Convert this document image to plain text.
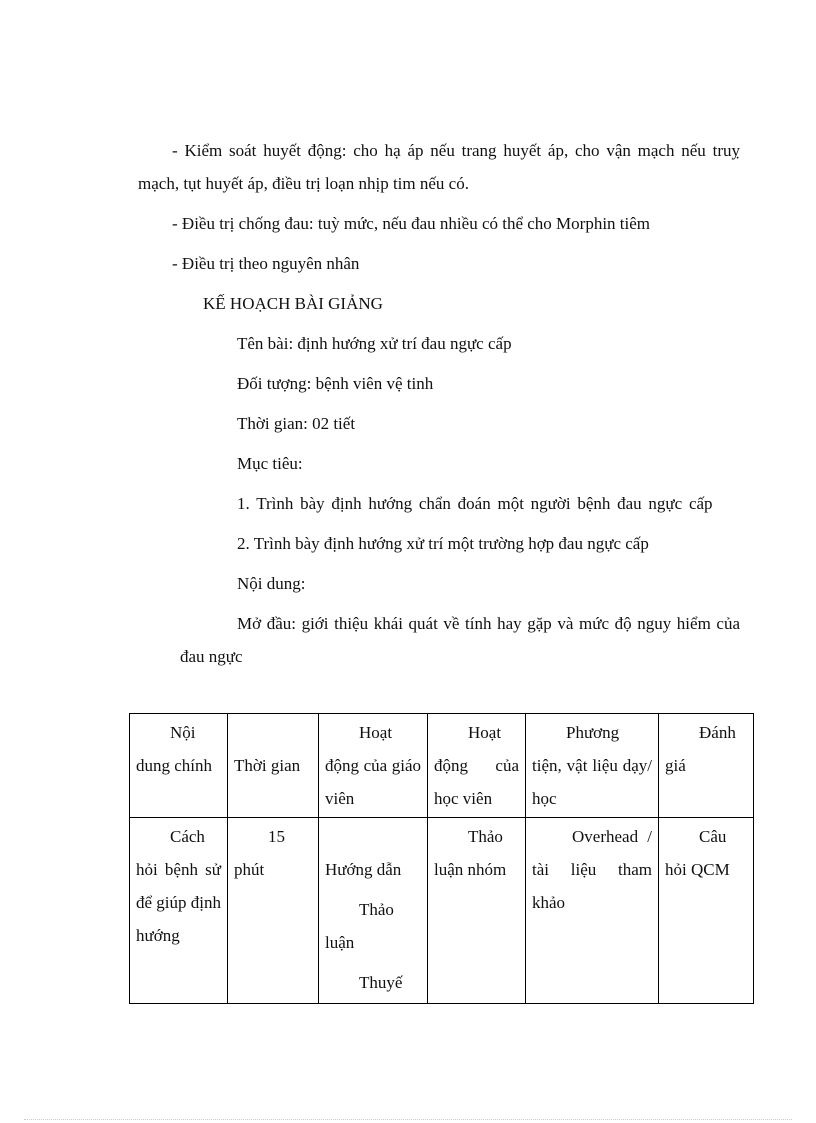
- Kiểm soát huyết động: cho hạ áp nếu trang huyết áp, cho vận mạch nếu truỵ mạch, tụt huyết áp, điều trị loạn nhịp tim nếu có.

- Điều trị chống đau: tuỳ mức, nếu đau nhiều có thể cho Morphin tiêm

- Điều trị theo nguyên nhân

KẾ HOẠCH BÀI GIẢNG

Tên bài: định hướng xử trí đau ngực cấp

Đối tượng: bệnh viên vệ tinh

Thời gian: 02 tiết

Mục tiêu:

1. Trình bày định hướng chẩn đoán một người bệnh đau ngực cấp

2. Trình bày định hướng xử trí một trường hợp đau ngực cấp

Nội dung:

Mở đầu: giới thiệu khái quát về tính hay gặp và mức độ nguy hiểm của đau ngực

Nội dung chính	Thời gian	Hoạt động của giáo viên	Hoạt động của học viên	Phương tiện, vật liệu dạy/ học	Đánh giá

Cách hỏi bệnh sử để giúp định hướng	15 phút	Hướng dẫn

Thảo luận

Thuyế	Thảo luận nhóm	Overhead / tài liệu tham khảo	Câu hỏi QCM
